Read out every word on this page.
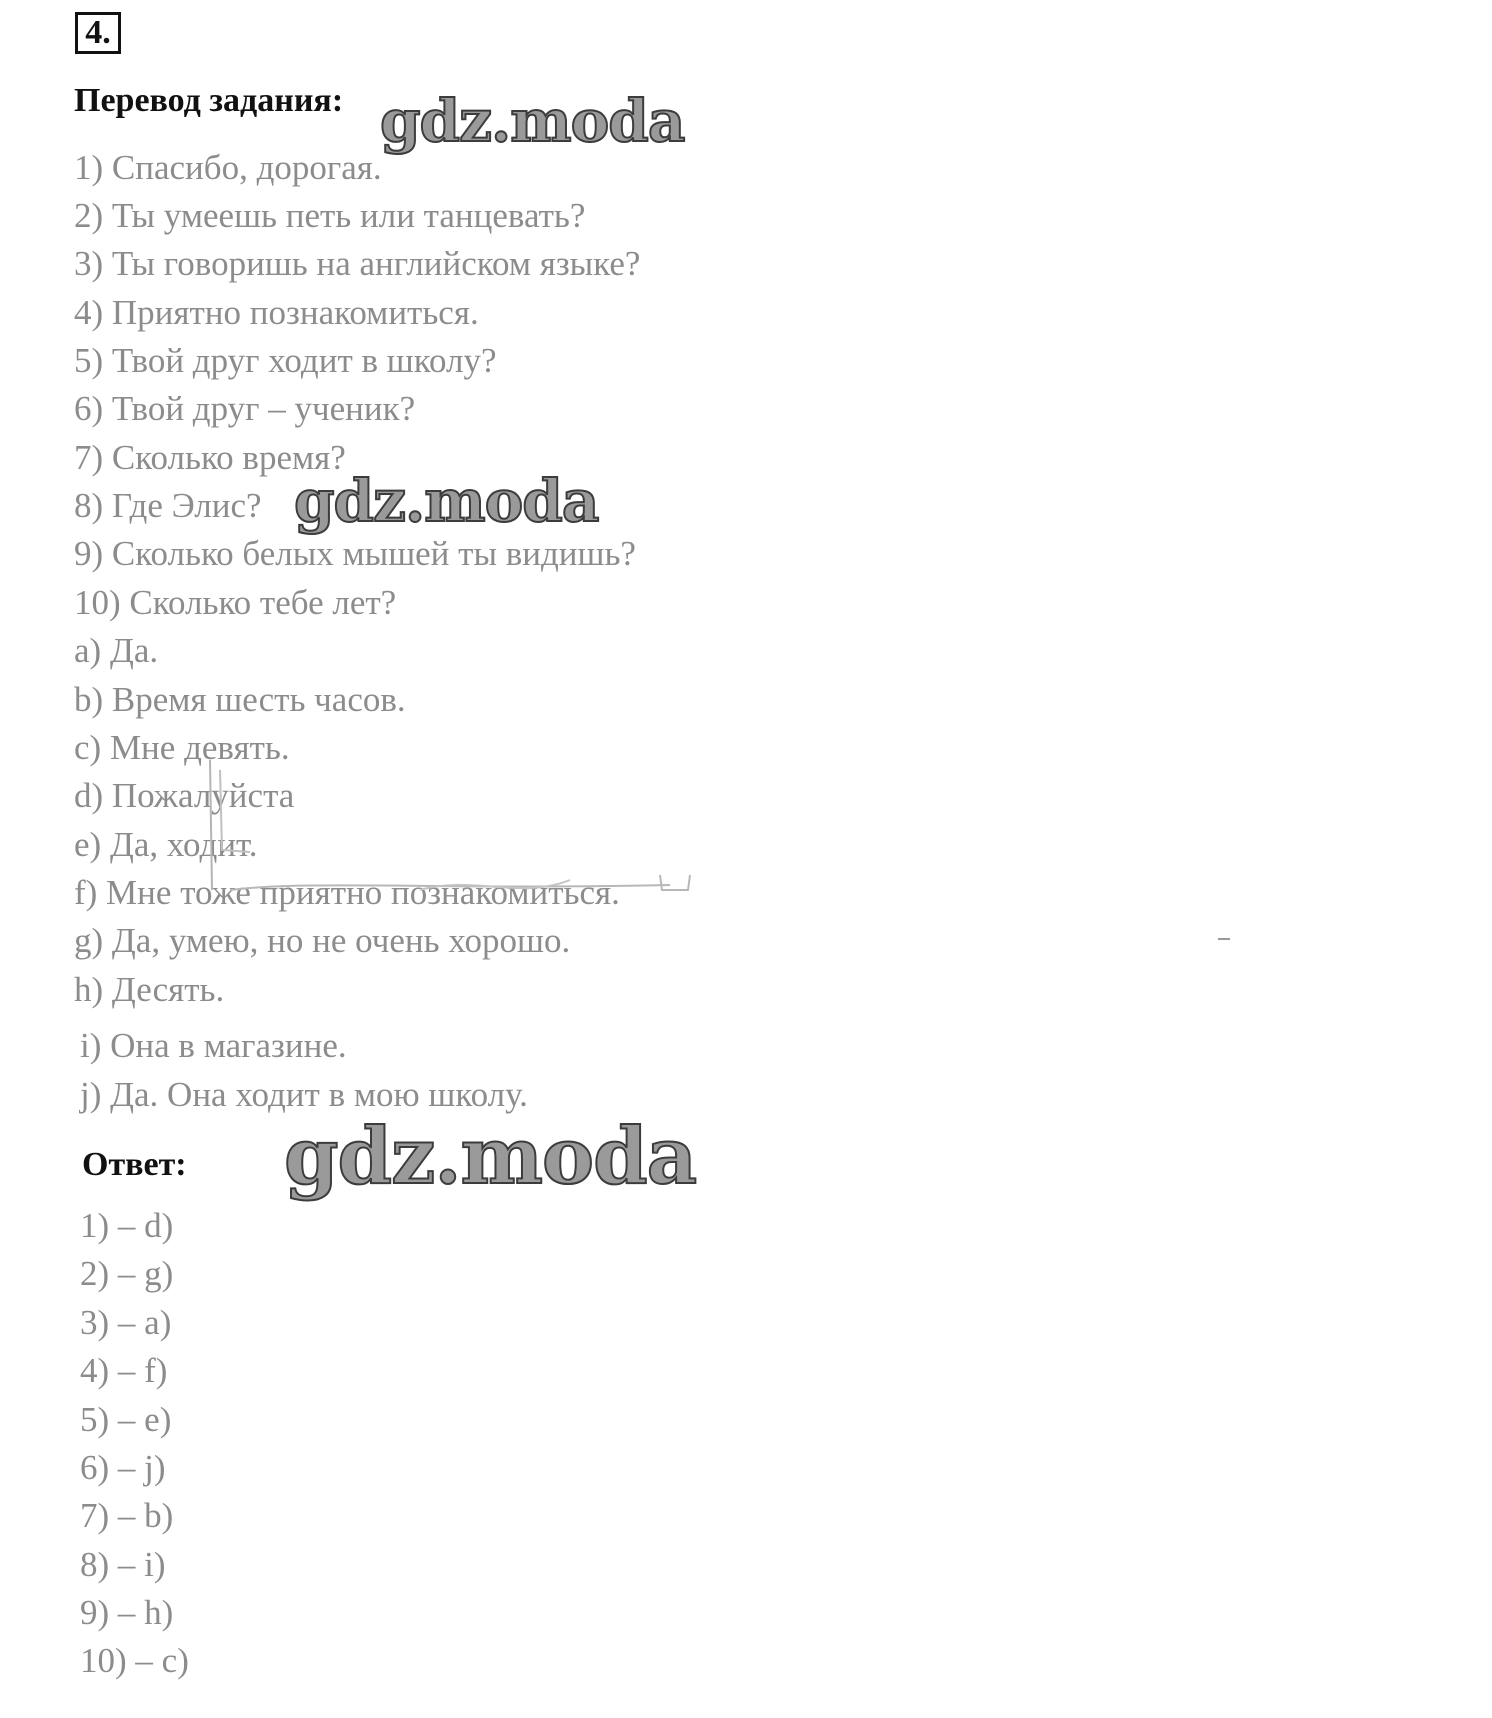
4.
Перевод задания:
1) Спасибо, дорогая.
2) Ты умеешь петь или танцевать?
3) Ты говоришь на английском языке?
4) Приятно познакомиться.
5) Твой друг ходит в школу?
6) Твой друг – ученик?
7) Сколько время?
8) Где Элис?
9) Сколько белых мышей ты видишь?
10) Сколько тебе лет?
a) Да.
b) Время шесть часов.
c) Мне девять.
d) Пожалуйста
e) Да, ходит.
f) Мне тоже приятно познакомиться.
g) Да, умею, но не очень хорошо.
h) Десять.
i) Она в магазине.
j) Да. Она ходит в мою школу.
Ответ:
1) – d)
2) – g)
3) – a)
4) – f)
5) – e)
6) – j)
7) – b)
8) – i)
9) – h)
10) – c)
gdz.moda
gdz.moda
gdz.moda
